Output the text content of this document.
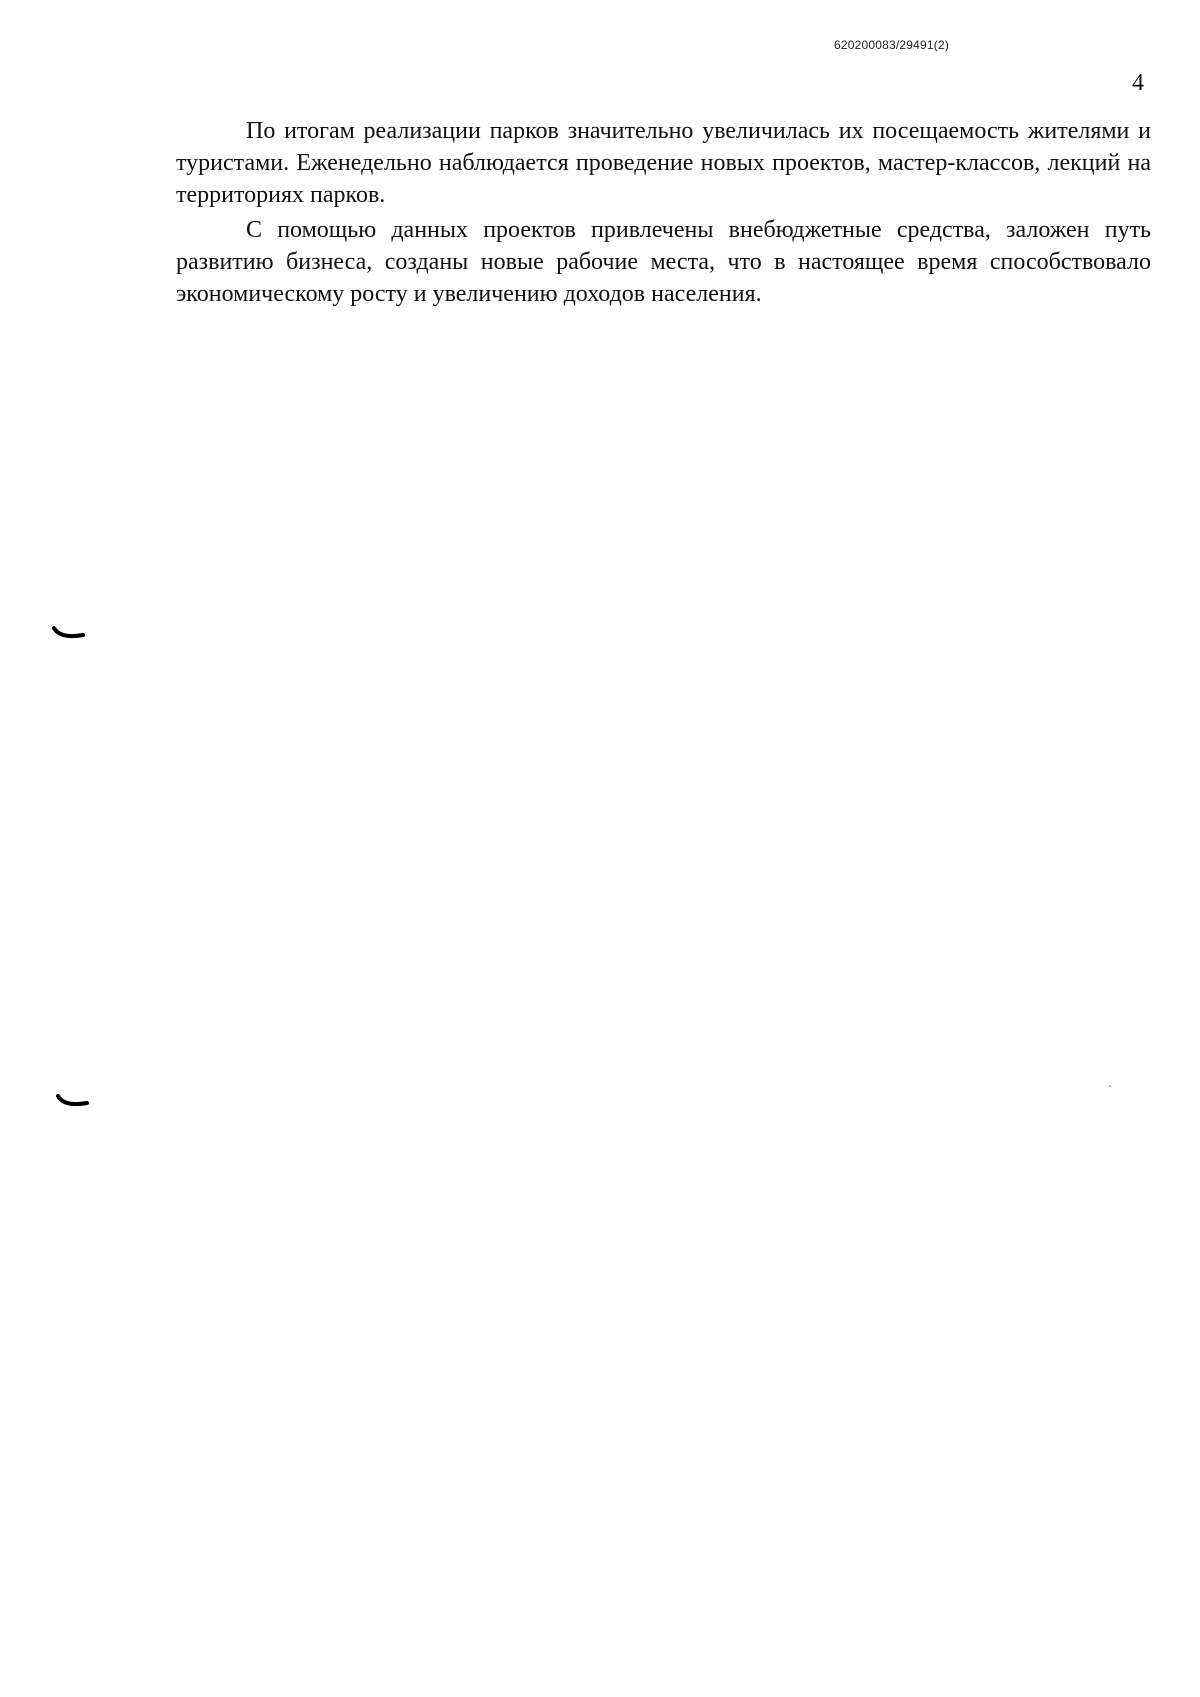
620200083/29491(2)
4

По итогам реализации парков значительно увеличилась их посещаемость жителями и туристами. Еженедельно наблюдается проведение новых проектов, мастер-классов, лекций на территориях парков.

С помощью данных проектов привлечены внебюджетные средства, заложен путь развитию бизнеса, созданы новые рабочие места, что в настоящее время способствовало экономическому росту и увеличению доходов населения.
